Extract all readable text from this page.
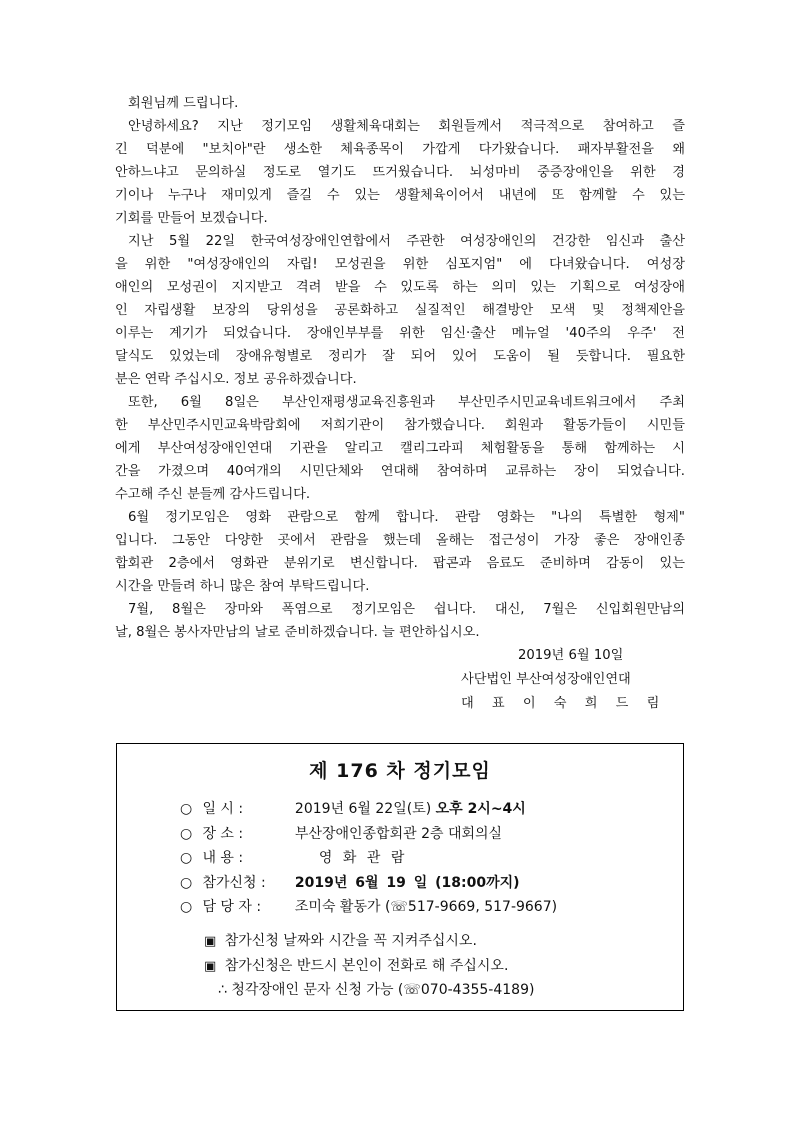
회원님께 드립니다.
안녕하세요? 지난 정기모임 생활체육대회는 회원들께서 적극적으로 참여하고 즐
긴 덕분에 "보치아"란 생소한 체육종목이 가깝게 다가왔습니다. 패자부활전을 왜
안하느냐고 문의하실 정도로 열기도 뜨거웠습니다. 뇌성마비 중증장애인을 위한 경
기이나 누구나 재미있게 즐길 수 있는 생활체육이어서 내년에 또 함께할 수 있는
기회를 만들어 보겠습니다.
지난 5월 22일 한국여성장애인연합에서 주관한 여성장애인의 건강한 임신과 출산
을 위한 "여성장애인의 자립! 모성권을 위한 심포지엄" 에 다녀왔습니다. 여성장
애인의 모성권이 지지받고 격려 받을 수 있도록 하는 의미 있는 기획으로 여성장애
인 자립생활 보장의 당위성을 공론화하고 실질적인 해결방안 모색 및 정책제안을
이루는 계기가 되었습니다. 장애인부부를 위한 임신·출산 메뉴얼 '40주의 우주' 전
달식도 있었는데 장애유형별로 정리가 잘 되어 있어 도움이 될 듯합니다. 필요한
분은 연락 주십시오. 정보 공유하겠습니다.
또한, 6월 8일은 부산인재평생교육진흥원과 부산민주시민교육네트워크에서 주최
한 부산민주시민교육박람회에 저희기관이 참가했습니다. 회원과 활동가들이 시민들
에게 부산여성장애인연대 기관을 알리고 캘리그라피 체험활동을 통해 함께하는 시
간을 가졌으며 40여개의 시민단체와 연대해 참여하며 교류하는 장이 되었습니다.
수고해 주신 분들께 감사드립니다.
6월 정기모임은 영화 관람으로 함께 합니다. 관람 영화는 "나의 특별한 형제"
입니다. 그동안 다양한 곳에서 관람을 했는데 올해는 접근성이 가장 좋은 장애인종
합회관 2층에서 영화관 분위기로 변신합니다. 팝콘과 음료도 준비하며 감동이 있는
시간을 만들려 하니 많은 참여 부탁드립니다.
7월, 8월은 장마와 폭염으로 정기모임은 쉽니다. 대신, 7월은 신입회원만남의
날, 8월은 봉사자만남의 날로 준비하겠습니다. 늘 편안하십시오.
2019년 6월 10일
사단법인 부산여성장애인연대
대 표 이 숙 희 드 림
제 176 차 정기모임
○ 일 시 :	2019년 6월 22일(토) 오후 2시~4시
○ 장 소 :	부산장애인종합회관 2층 대회의실
○ 내 용 :	영 화 관 람
○ 참가신청 : 2019년 6월 19 일 (18:00까지)
○ 담 당 자 : 조미숙 활동가 (☏517-9669, 517-9667)
▣ 참가신청 날짜와 시간을 꼭 지켜주십시오.
▣ 참가신청은 반드시 본인이 전화로 해 주십시오.
∴ 청각장애인 문자 신청 가능 (☏070-4355-4189)
